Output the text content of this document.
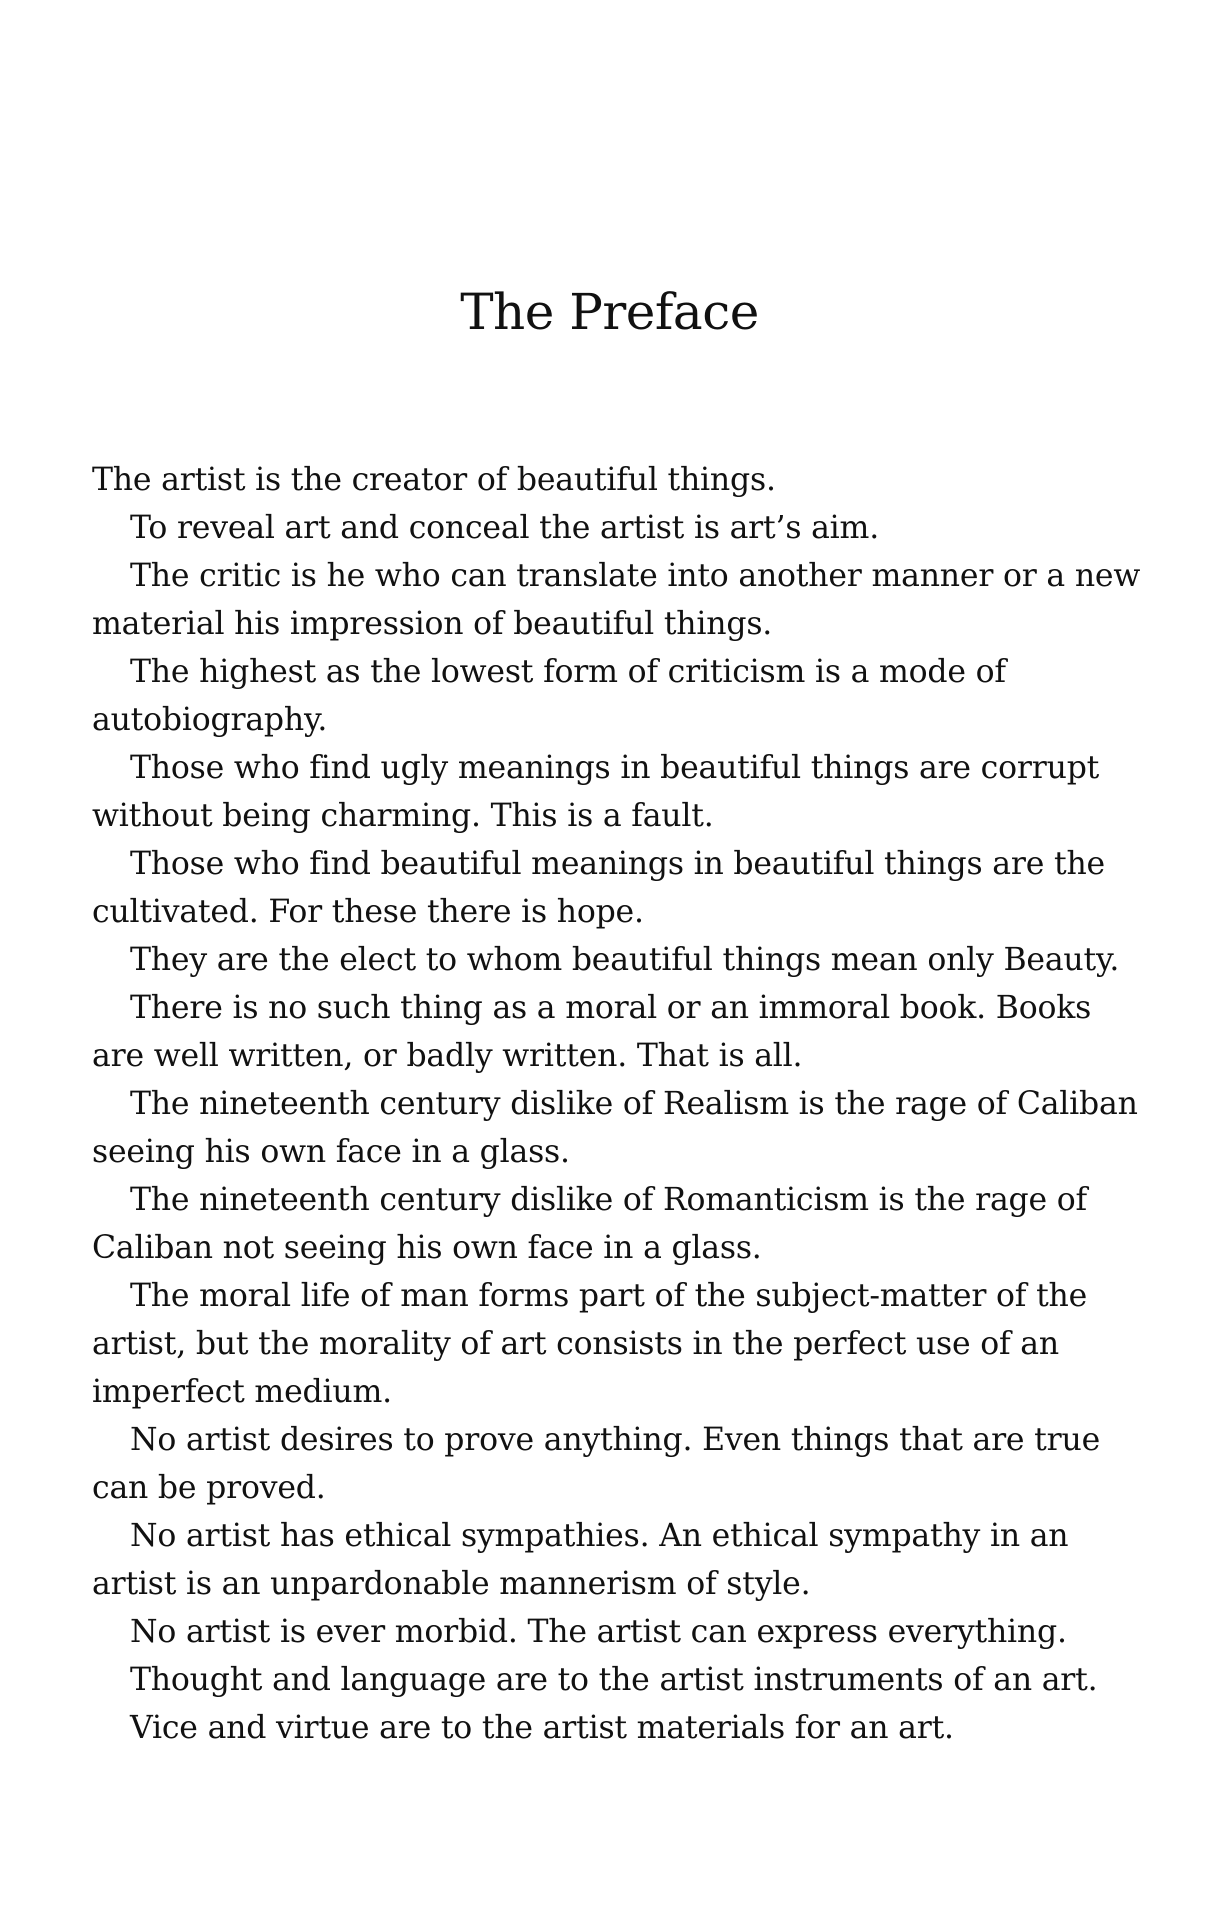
The Preface

The artist is the creator of beautiful things.

To reveal art and conceal the artist is art’s aim.

The critic is he who can translate into another manner or a new material his impression of beautiful things.

The highest as the lowest form of criticism is a mode of autobiography.

Those who find ugly meanings in beautiful things are corrupt without being charming. This is a fault.

Those who find beautiful meanings in beautiful things are the cultivated. For these there is hope.

They are the elect to whom beautiful things mean only Beauty.

There is no such thing as a moral or an immoral book. Books are well written, or badly written. That is all.

The nineteenth century dislike of Realism is the rage of Caliban seeing his own face in a glass.

The nineteenth century dislike of Romanticism is the rage of Caliban not seeing his own face in a glass.

The moral life of man forms part of the subject-matter of the artist, but the morality of art consists in the perfect use of an imperfect medium.

No artist desires to prove anything. Even things that are true can be proved.

No artist has ethical sympathies. An ethical sympathy in an artist is an unpardonable mannerism of style.

No artist is ever morbid. The artist can express everything.

Thought and language are to the artist instruments of an art.

Vice and virtue are to the artist materials for an art.
